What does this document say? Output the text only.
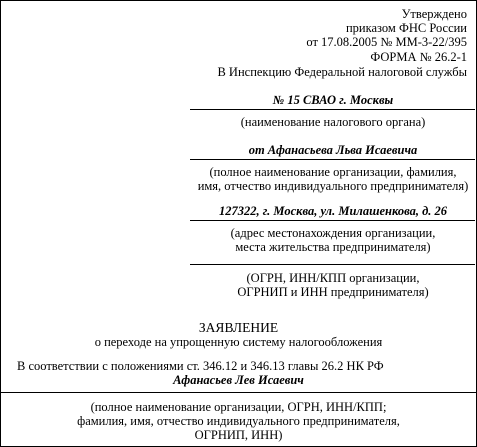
Утверждено
приказом ФНС России
от 17.08.2005 № ММ-3-22/395
ФОРМА № 26.2-1
В Инспекцию Федеральной налоговой службы
№ 15 СВАО г. Москвы
(наименование налогового органа)
от Афанасьева Льва Исаевича
(полное наименование организации, фамилия,
имя, отчество индивидуального предпринимателя)
127322, г. Москва, ул. Милашенкова, д. 26
(адрес местонахождения организации,
места жительства предпринимателя)
(ОГРН, ИНН/КПП организации,
ОГРНИП и ИНН предпринимателя)
ЗАЯВЛЕНИЕ
о переходе на упрощенную систему налогообложения
В соответствии с положениями ст. 346.12 и 346.13 главы 26.2 НК РФ
Афанасьев Лев Исаевич
(полное наименование организации, ОГРН, ИНН/КПП;
фамилия, имя, отчество индивидуального предпринимателя,
ОГРНИП, ИНН)
